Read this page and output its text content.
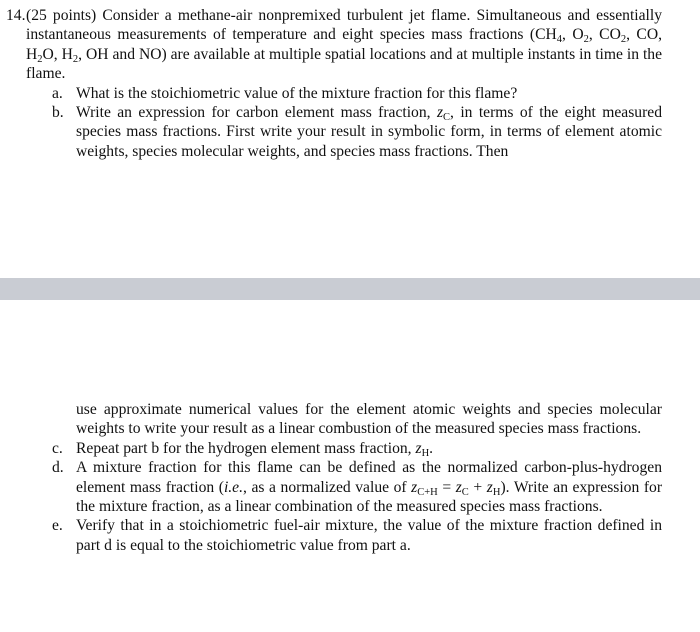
14. (25 points) Consider a methane-air nonpremixed turbulent jet flame. Simultaneous and essentially instantaneous measurements of temperature and eight species mass fractions ($CH_4$, $O_2$, $CO_2$, CO, $H_2O$, $H_2$, OH and NO) are available at multiple spatial locations and at multiple instants in time in the flame.
a. What is the stoichiometric value of the mixture fraction for this flame?
b. Write an expression for carbon element mass fraction, $z_C$, in terms of the eight measured species mass fractions. First write your result in symbolic form, in terms of element atomic weights, species molecular weights, and species mass fractions. Then
use approximate numerical values for the element atomic weights and species molecular weights to write your result as a linear combustion of the measured species mass fractions.
c. Repeat part b for the hydrogen element mass fraction, $z_H$.
d. A mixture fraction for this flame can be defined as the normalized carbon-plus-hydrogen element mass fraction (i.e., as a normalized value of $z_{C+H} = z_C + z_H$). Write an expression for the mixture fraction, as a linear combination of the measured species mass fractions.
e. Verify that in a stoichiometric fuel-air mixture, the value of the mixture fraction defined in part d is equal to the stoichiometric value from part a.
